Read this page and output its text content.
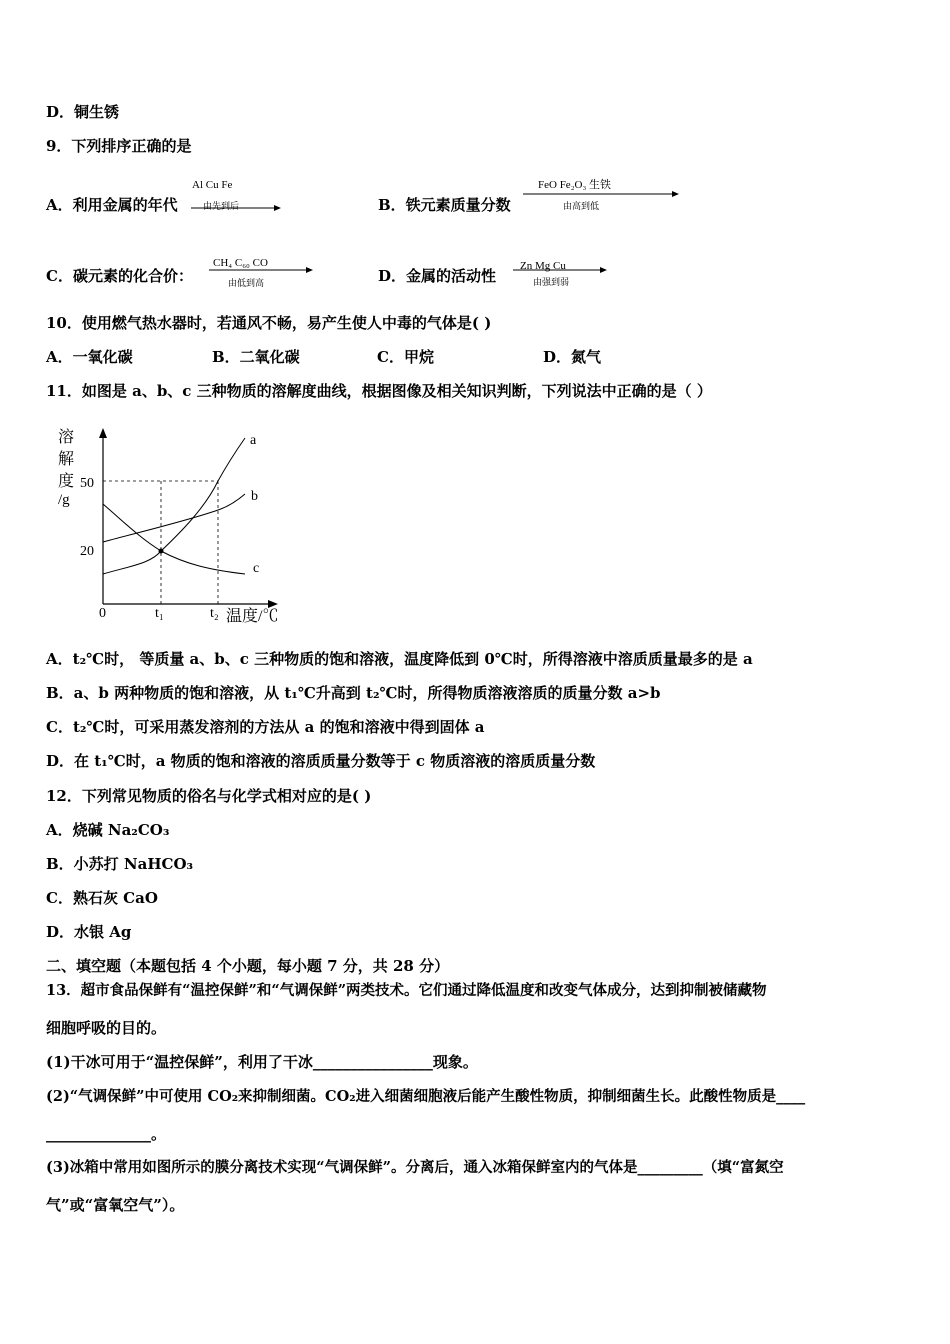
D．铜生锈
9．下列排序正确的是
A．利用金属的年代
Al Cu Fe
由先到后	B．铁元素质量分数
FeO Fe₂O₃ 生铁
由高到低
C．碳元素的化合价：
CH₄ C₆₀ CO
由低到高	D．金属的活动性
Zn Mg Cu
由强到弱
10．使用燃气热水器时，若通风不畅，易产生使人中毒的气体是( )
A．一氧化碳	B．二氧化碳	C．甲烷	D．氮气
11．如图是 a、b、c 三种物质的溶解度曲线，根据图像及相关知识判断，下列说法中正确的是（ ）
溶
解
度
/g
50
20
a
b
c
0	t₁	t₂ 温度/℃
A．t₂℃时， 等质量 a、b、c 三种物质的饱和溶液，温度降低到 0℃时，所得溶液中溶质质量最多的是 a
B．a、b 两种物质的饱和溶液，从 t₁℃升高到 t₂℃时，所得物质溶液溶质的质量分数 a>b
C．t₂℃时，可采用蒸发溶剂的方法从 a 的饱和溶液中得到固体 a
D．在 t₁℃时，a 物质的饱和溶液的溶质质量分数等于 c 物质溶液的溶质质量分数
12．下列常见物质的俗名与化学式相对应的是( )
A．烧碱 Na₂CO₃
B．小苏打 NaHCO₃
C．熟石灰 CaO
D．水银 Ag
二、填空题（本题包括 4 个小题，每小题 7 分，共 28 分）
13．超市食品保鲜有“温控保鲜”和“气调保鲜”两类技术。它们通过降低温度和改变气体成分，达到抑制被储藏物
细胞呼吸的目的。
(1)干冰可用于“温控保鲜”，利用了干冰________________现象。
(2)“气调保鲜”中可使用 CO₂来抑制细菌。CO₂进入细菌细胞液后能产生酸性物质，抑制细菌生长。此酸性物质是____
______________。
(3)冰箱中常用如图所示的膜分离技术实现“气调保鲜”。分离后，通入冰箱保鲜室内的气体是_________（填“富氮空
气”或“富氧空气”）。
